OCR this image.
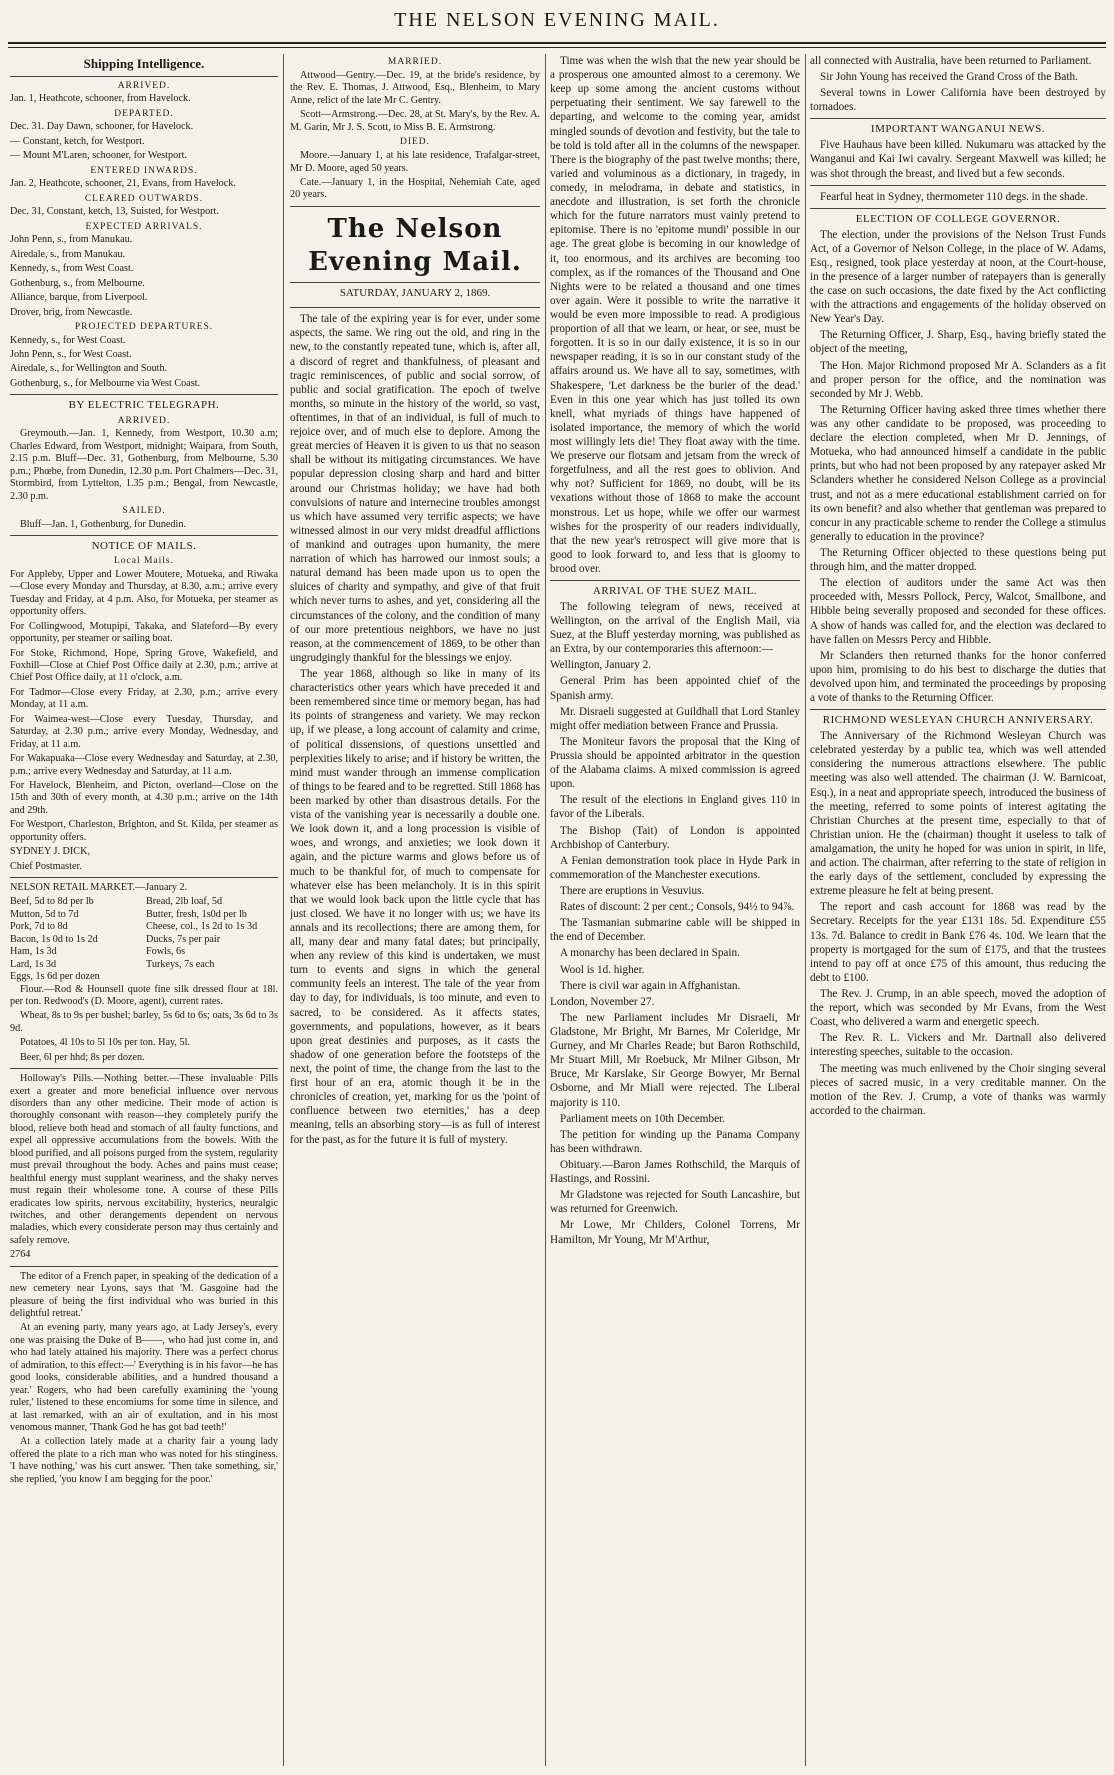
THE NELSON EVENING MAIL.
Shipping Intelligence.
ARRIVED.

Jan. 1, Heathcote, schooner, from Havelock.

DEPARTED.

Dec. 31. Day Dawn, schooner, for Havelock.

— Constant, ketch, for Westport.

— Mount M'Laren, schooner, for Westport.

ENTERED INWARDS.

Jan. 2, Heathcote, schooner, 21, Evans, from Havelock.

CLEARED OUTWARDS.

Dec. 31, Constant, ketch, 13, Suisted, for Westport.

EXPECTED ARRIVALS.

John Penn, s., from Manukau.

Airedale, s., from Manukau.

Kennedy, s., from West Coast.

Gothenburg, s., from Melbourne.

Alliance, barque, from Liverpool.

Drover, brig, from Newcastle.

PROJECTED DEPARTURES.

Kennedy, s., for West Coast.

John Penn, s., for West Coast.

Airedale, s., for Wellington and South.

Gothenburg, s., for Melbourne via West Coast.

BY ELECTRIC TELEGRAPH.
ARRIVED.

Greymouth.—Jan. 1, Kennedy, from Westport, 10.30 a.m; Charles Edward, from Westport, midnight; Waipara, from South, 2.15 p.m. Bluff—Dec. 31, Gothenburg, from Melbourne, 5.30 p.m.; Phœbe, from Dunedin, 12.30 p.m. Port Chalmers—Dec. 31, Stormbird, from Lyttelton, 1.35 p.m.; Bengal, from Newcastle, 2.30 p.m.

SAILED.

Bluff—Jan. 1, Gothenburg, for Dunedin.

NOTICE OF MAILS.
Local Mails.

For Appleby, Upper and Lower Moutere, Motueka, and Riwaka—Close every Monday and Thursday, at 8.30, a.m.; arrive every Tuesday and Friday, at 4 p.m. Also, for Motueka, per steamer as opportunity offers.

For Collingwood, Motupipi, Takaka, and Slateford—By every opportunity, per steamer or sailing boat.

For Stoke, Richmond, Hope, Spring Grove, Wakefield, and Foxhill—Close at Chief Post Office daily at 2.30, p.m.; arrive at Chief Post Office daily, at 11 o'clock, a.m.

For Tadmor—Close every Friday, at 2.30, p.m.; arrive every Monday, at 11 a.m.

For Waimea-west—Close every Tuesday, Thursday, and Saturday, at 2.30 p.m.; arrive every Monday, Wednesday, and Friday, at 11 a.m.

For Wakapuaka—Close every Wednesday and Saturday, at 2.30, p.m.; arrive every Wednesday and Saturday, at 11 a.m.

For Havelock, Blenheim, and Picton, overland—Close on the 15th and 30th of every month, at 4.30 p.m.; arrive on the 14th and 29th.

For Westport, Charleston, Brighton, and St. Kilda, per steamer as opportunity offers.

SYDNEY J. DICK,

Chief Postmaster.

NELSON RETAIL MARKET.—January 2.

Beef, 5d to 8d per lb
Mutton, 5d to 7d
Pork, 7d to 8d
Bacon, 1s 0d to 1s 2d
Ham, 1s 3d
Lard, 1s 3d
Eggs, 1s 6d per dozen
Bread, 2lb loaf, 5d
Butter, fresh, 1s0d per lb
Cheese, col., 1s 2d to 1s 3d
Ducks, 7s per pair
Fowls, 6s
Turkeys, 7s each

Flour.—Rod & Hounsell quote fine silk dressed flour at 18l. per ton. Redwood's (D. Moore, agent), current rates.

Wheat, 8s to 9s per bushel; barley, 5s 6d to 6s; oats, 3s 6d to 3s 9d.

Potatoes, 4l 10s to 5l 10s per ton. Hay, 5l.

Beer, 6l per hhd; 8s per dozen.

Holloway's Pills.—Nothing better.—These invaluable Pills exert a greater and more beneficial influence over nervous disorders than any other medicine. Their mode of action is thoroughly consonant with reason—they completely purify the blood, relieve both head and stomach of all faulty functions, and expel all oppressive accumulations from the bowels. With the blood purified, and all poisons purged from the system, regularity must prevail throughout the body. Aches and pains must cease; healthful energy must supplant weariness, and the shaky nerves must regain their wholesome tone. A course of these Pills eradicates low spirits, nervous excitability, hysterics, neuralgic twitches, and other derangements dependent on nervous maladies, which every considerate person may thus certainly and safely remove.

2764

The editor of a French paper, in speaking of the dedication of a new cemetery near Lyons, says that 'M. Gasgoine had the pleasure of being the first individual who was buried in this delightful retreat.'

At an evening party, many years ago, at Lady Jersey's, every one was praising the Duke of B——, who had just come in, and who had lately attained his majority. There was a perfect chorus of admiration, to this effect:—' Everything is in his favor—he has good looks, considerable abilities, and a hundred thousand a year.' Rogers, who had been carefully examining the 'young ruler,' listened to these encomiums for some time in silence, and at last remarked, with an air of exultation, and in his most venomous manner, 'Thank God he has got bad teeth!'

At a collection lately made at a charity fair a young lady offered the plate to a rich man who was noted for his stinginess. 'I have nothing,' was his curt answer. 'Then take something, sir,' she replied, 'you know I am begging for the poor.'

MARRIED.

Attwood—Gentry.—Dec. 19, at the bride's residence, by the Rev. E. Thomas, J. Attwood, Esq., Blenheim, to Mary Anne, relict of the late Mr C. Gentry.

Scott—Armstrong.—Dec. 28, at St. Mary's, by the Rev. A. M. Garin, Mr J. S. Scott, to Miss B. E. Armstrong.

DIED.

Moore.—January 1, at his late residence, Trafalgar-street, Mr D. Moore, aged 50 years.

Cate.—January 1, in the Hospital, Nehemiah Cate, aged 20 years.

The Nelson Evening Mail.
SATURDAY, JANUARY 2, 1869.

The tale of the expiring year is for ever, under some aspects, the same. We ring out the old, and ring in the new, to the constantly repeated tune, which is, after all, a discord of regret and thankfulness, of pleasant and tragic reminiscences, of public and social sorrow, of public and social gratification. The epoch of twelve months, so minute in the history of the world, so vast, oftentimes, in that of an individual, is full of much to rejoice over, and of much else to deplore. Among the great mercies of Heaven it is given to us that no season shall be without its mitigating circumstances. We have popular depression closing sharp and hard and bitter around our Christmas holiday; we have had both convulsions of nature and internecine troubles amongst us which have assumed very terrific aspects; we have witnessed almost in our very midst dreadful afflictions of mankind and outrages upon humanity, the mere narration of which has harrowed our inmost souls; a natural demand has been made upon us to open the sluices of charity and sympathy, and give of that fruit which never turns to ashes, and yet, considering all the circumstances of the colony, and the condition of many of our more pretentious neighbors, we have no just reason, at the commencement of 1869, to be other than ungrudgingly thankful for the blessings we enjoy.

The year 1868, although so like in many of its characteristics other years which have preceded it and been remembered since time or memory began, has had its points of strangeness and variety. We may reckon up, if we please, a long account of calamity and crime, of political dissensions, of questions unsettled and perplexities likely to arise; and if history be written, the mind must wander through an immense complication of things to be feared and to be regretted. Still 1868 has been marked by other than disastrous details. For the vista of the vanishing year is necessarily a double one. We look down it, and a long procession is visible of woes, and wrongs, and anxieties; we look down it again, and the picture warms and glows before us of much to be thankful for, of much to compensate for whatever else has been melancholy. It is in this spirit that we would look back upon the little cycle that has just closed. We have it no longer with us; we have its annals and its recollections; there are among them, for all, many dear and many fatal dates; but principally, when any review of this kind is undertaken, we must turn to events and signs in which the general community feels an interest. The tale of the year from day to day, for individuals, is too minute, and even to sacred, to be considered. As it affects states, governments, and populations, however, as it bears upon great destinies and purposes, as it casts the shadow of one generation before the footsteps of the next, the point of time, the change from the last to the first hour of an era, atomic though it be in the chronicles of creation, yet, marking for us the 'point of confluence between two eternities,' has a deep meaning, tells an absorbing story—is as full of interest for the past, as for the future it is full of mystery.

Time was when the wish that the new year should be a prosperous one amounted almost to a ceremony. We keep up some among the ancient customs without perpetuating their sentiment. We say farewell to the departing, and welcome to the coming year, amidst mingled sounds of devotion and festivity, but the tale to be told is told after all in the columns of the newspaper. There is the biography of the past twelve months; there, varied and voluminous as a dictionary, in tragedy, in comedy, in melodrama, in debate and statistics, in anecdote and illustration, is set forth the chronicle which for the future narrators must vainly pretend to epitomise. There is no 'epitome mundi' possible in our age. The great globe is becoming in our knowledge of it, too enormous, and its archives are becoming too complex, as if the romances of the Thousand and One Nights were to be related a thousand and one times over again. Were it possible to write the narrative it would be even more impossible to read. A prodigious proportion of all that we learn, or hear, or see, must be forgotten. It is so in our daily existence, it is so in our newspaper reading, it is so in our constant study of the affairs around us. We have all to say, sometimes, with Shakespere, 'Let darkness be the burier of the dead.' Even in this one year which has just tolled its own knell, what myriads of things have happened of isolated importance, the memory of which the world most willingly lets die! They float away with the time. We preserve our flotsam and jetsam from the wreck of forgetfulness, and all the rest goes to oblivion. And why not? Sufficient for 1869, no doubt, will be its vexations without those of 1868 to make the account monstrous. Let us hope, while we offer our warmest wishes for the prosperity of our readers individually, that the new year's retrospect will give more that is good to look forward to, and less that is gloomy to brood over.

ARRIVAL OF THE SUEZ MAIL.

The following telegram of news, received at Wellington, on the arrival of the English Mail, via Suez, at the Bluff yesterday morning, was published as an Extra, by our contemporaries this afternoon:—

Wellington, January 2.

General Prim has been appointed chief of the Spanish army.

Mr. Disraeli suggested at Guildhall that Lord Stanley might offer mediation between France and Prussia.

The Moniteur favors the proposal that the King of Prussia should be appointed arbitrator in the question of the Alabama claims. A mixed commission is agreed upon.

The result of the elections in England gives 110 in favor of the Liberals.

The Bishop (Tait) of London is appointed Archbishop of Canterbury.

A Fenian demonstration took place in Hyde Park in commemoration of the Manchester executions.

There are eruptions in Vesuvius.

Rates of discount: 2 per cent.; Consols, 94½ to 94⅞.

The Tasmanian submarine cable will be shipped in the end of December.

A monarchy has been declared in Spain.

Wool is 1d. higher.

There is civil war again in Affghanistan.

London, November 27.

The new Parliament includes Mr Disraeli, Mr Gladstone, Mr Bright, Mr Barnes, Mr Coleridge, Mr Gurney, and Mr Charles Reade; but Baron Rothschild, Mr Stuart Mill, Mr Roebuck, Mr Milner Gibson, Mr Bruce, Mr Karslake, Sir George Bowyer, Mr Bernal Osborne, and Mr Miall were rejected. The Liberal majority is 110.

Parliament meets on 10th December.

The petition for winding up the Panama Company has been withdrawn.

Obituary.—Baron James Rothschild, the Marquis of Hastings, and Rossini.

Mr Gladstone was rejected for South Lancashire, but was returned for Greenwich.

Mr Lowe, Mr Childers, Colonel Torrens, Mr Hamilton, Mr Young, Mr M'Arthur,

all connected with Australia, have been returned to Parliament.

Sir John Young has received the Grand Cross of the Bath.

Several towns in Lower California have been destroyed by tornadoes.

IMPORTANT WANGANUI NEWS.

Five Hauhaus have been killed. Nukumaru was attacked by the Wanganui and Kai Iwi cavalry. Sergeant Maxwell was killed; he was shot through the breast, and lived but a few seconds.

Fearful heat in Sydney, thermometer 110 degs. in the shade.

ELECTION OF COLLEGE GOVERNOR.

The election, under the provisions of the Nelson Trust Funds Act, of a Governor of Nelson College, in the place of W. Adams, Esq., resigned, took place yesterday at noon, at the Court-house, in the presence of a larger number of ratepayers than is generally the case on such occasions, the date fixed by the Act conflicting with the attractions and engagements of the holiday observed on New Year's Day.

The Returning Officer, J. Sharp, Esq., having briefly stated the object of the meeting,

The Hon. Major Richmond proposed Mr A. Sclanders as a fit and proper person for the office, and the nomination was seconded by Mr J. Webb.

The Returning Officer having asked three times whether there was any other candidate to be proposed, was proceeding to declare the election completed, when Mr D. Jennings, of Motueka, who had announced himself a candidate in the public prints, but who had not been proposed by any ratepayer asked Mr Sclanders whether he considered Nelson College as a provincial trust, and not as a mere educational establishment carried on for its own benefit? and also whether that gentleman was prepared to concur in any practicable scheme to render the College a stimulus generally to education in the province?

The Returning Officer objected to these questions being put through him, and the matter dropped.

The election of auditors under the same Act was then proceeded with, Messrs Pollock, Percy, Walcot, Smallbone, and Hibble being severally proposed and seconded for these offices. A show of hands was called for, and the election was declared to have fallen on Messrs Percy and Hibble.

Mr Sclanders then returned thanks for the honor conferred upon him, promising to do his best to discharge the duties that devolved upon him, and terminated the proceedings by proposing a vote of thanks to the Returning Officer.

RICHMOND WESLEYAN CHURCH ANNIVERSARY.

The Anniversary of the Richmond Wesleyan Church was celebrated yesterday by a public tea, which was well attended considering the numerous attractions elsewhere. The public meeting was also well attended. The chairman (J. W. Barnicoat, Esq.), in a neat and appropriate speech, introduced the business of the meeting, referred to some points of interest agitating the Christian Churches at the present time, especially to that of Christian union. He the (chairman) thought it useless to talk of amalgamation, the unity he hoped for was union in spirit, in life, and action. The chairman, after referring to the state of religion in the early days of the settlement, concluded by expressing the extreme pleasure he felt at being present.

The report and cash account for 1868 was read by the Secretary. Receipts for the year £131 18s. 5d. Expenditure £55 13s. 7d. Balance to credit in Bank £76 4s. 10d. We learn that the property is mortgaged for the sum of £175, and that the trustees intend to pay off at once £75 of this amount, thus reducing the debt to £100.

The Rev. J. Crump, in an able speech, moved the adoption of the report, which was seconded by Mr Evans, from the West Coast, who delivered a warm and energetic speech.

The Rev. R. L. Vickers and Mr. Dartnall also delivered interesting speeches, suitable to the occasion.

The meeting was much enlivened by the Choir singing several pieces of sacred music, in a very creditable manner. On the motion of the Rev. J. Crump, a vote of thanks was warmly accorded to the chairman.
